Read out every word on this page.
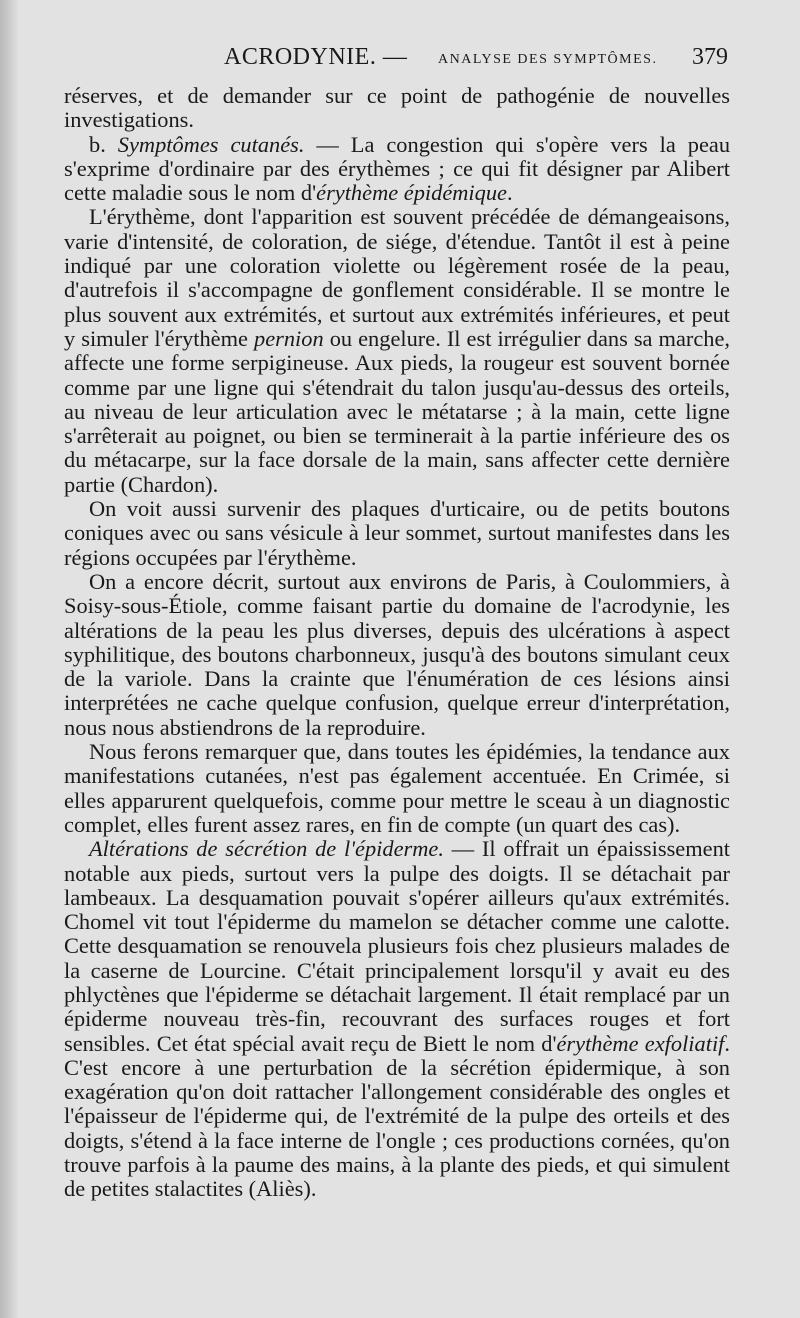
ACRODYNIE. — ANALYSE DES SYMPTÔMES. 379

réserves, et de demander sur ce point de pathogénie de nouvelles investigations.

b. Symptômes cutanés. — La congestion qui s'opère vers la peau s'exprime d'ordinaire par des érythèmes ; ce qui fit désigner par Alibert cette maladie sous le nom d'érythème épidémique.

L'érythème, dont l'apparition est souvent précédée de démangeaisons, varie d'intensité, de coloration, de siége, d'étendue. Tantôt il est à peine indiqué par une coloration violette ou légèrement rosée de la peau, d'autrefois il s'accompagne de gonflement considérable. Il se montre le plus souvent aux extrémités, et surtout aux extrémités inférieures, et peut y simuler l'érythème pernion ou engelure. Il est irrégulier dans sa marche, affecte une forme serpigineuse. Aux pieds, la rougeur est souvent bornée comme par une ligne qui s'étendrait du talon jusqu'au-dessus des orteils, au niveau de leur articulation avec le métatarse ; à la main, cette ligne s'arrêterait au poignet, ou bien se terminerait à la partie inférieure des os du métacarpe, sur la face dorsale de la main, sans affecter cette dernière partie (Chardon).

On voit aussi survenir des plaques d'urticaire, ou de petits boutons coniques avec ou sans vésicule à leur sommet, surtout manifestes dans les régions occupées par l'érythème.

On a encore décrit, surtout aux environs de Paris, à Coulommiers, à Soisy-sous-Étiole, comme faisant partie du domaine de l'acrodynie, les altérations de la peau les plus diverses, depuis des ulcérations à aspect syphilitique, des boutons charbonneux, jusqu'à des boutons simulant ceux de la variole. Dans la crainte que l'énumération de ces lésions ainsi interprétées ne cache quelque confusion, quelque erreur d'interprétation, nous nous abstiendrons de la reproduire.

Nous ferons remarquer que, dans toutes les épidémies, la tendance aux manifestations cutanées, n'est pas également accentuée. En Crimée, si elles apparurent quelquefois, comme pour mettre le sceau à un diagnostic complet, elles furent assez rares, en fin de compte (un quart des cas).

Altérations de sécrétion de l'épiderme. — Il offrait un épaississement notable aux pieds, surtout vers la pulpe des doigts. Il se détachait par lambeaux. La desquamation pouvait s'opérer ailleurs qu'aux extrémités. Chomel vit tout l'épiderme du mamelon se détacher comme une calotte. Cette desquamation se renouvela plusieurs fois chez plusieurs malades de la caserne de Lourcine. C'était principalement lorsqu'il y avait eu des phlyctènes que l'épiderme se détachait largement. Il était remplacé par un épiderme nouveau très-fin, recouvrant des surfaces rouges et fort sensibles. Cet état spécial avait reçu de Biett le nom d'érythème exfoliatif. C'est encore à une perturbation de la sécrétion épidermique, à son exagération qu'on doit rattacher l'allongement considérable des ongles et l'épaisseur de l'épiderme qui, de l'extrémité de la pulpe des orteils et des doigts, s'étend à la face interne de l'ongle ; ces productions cornées, qu'on trouve parfois à la paume des mains, à la plante des pieds, et qui simulent de petites stalactites (Aliès).
